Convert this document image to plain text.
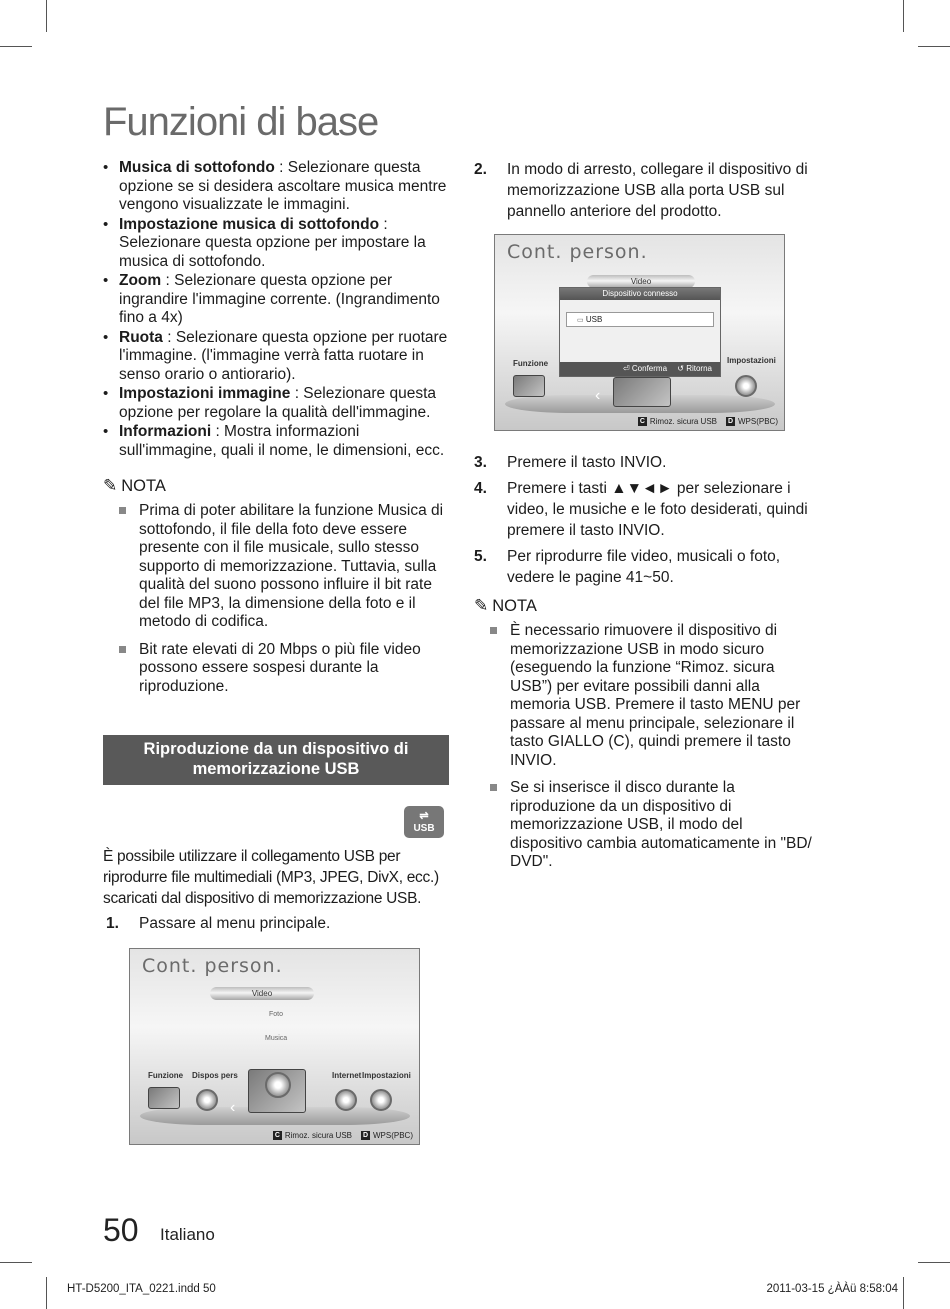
Funzioni di base
• Musica di sottofondo : Selezionare questa opzione se si desidera ascoltare musica mentre vengono visualizzate le immagini.
• Impostazione musica di sottofondo : Selezionare questa opzione per impostare la musica di sottofondo.
• Zoom : Selezionare questa opzione per ingrandire l'immagine corrente. (Ingrandimento fino a 4x)
• Ruota : Selezionare questa opzione per ruotare l'immagine. (l'immagine verrà fatta ruotare in senso orario o antiorario).
• Impostazioni immagine : Selezionare questa opzione per regolare la qualità dell'immagine.
• Informazioni : Mostra informazioni sull'immagine, quali il nome, le dimensioni, ecc.
✎ NOTA
Prima di poter abilitare la funzione Musica di sottofondo, il file della foto deve essere presente con il file musicale, sullo stesso supporto di memorizzazione. Tuttavia, sulla qualità del suono possono influire il bit rate del file MP3, la dimensione della foto e il metodo di codifica.
Bit rate elevati di 20 Mbps o più file video possono essere sospesi durante la riproduzione.
Riproduzione da un dispositivo di memorizzazione USB
⇌
USB
È possibile utilizzare il collegamento USB per riprodurre file multimediali (MP3, JPEG, DivX, ecc.) scaricati dal dispositivo di memorizzazione USB.
1. Passare al menu principale.
Cont. person.
Video
Foto
Musica
Funzione Dispos pers	Internet Impostazioni
‹
C Rimoz. sicura USB D WPS(PBC)
2. In modo di arresto, collegare il dispositivo di memorizzazione USB alla porta USB sul pannello anteriore del prodotto.
Cont. person.
Video
Dispositivo connesso
▭ USB
⏎ Conferma ↺ Ritorna
Funzione	Impostazioni
‹
C Rimoz. sicura USB D WPS(PBC)
3. Premere il tasto INVIO.
4. Premere i tasti ▲▼◄► per selezionare i video, le musiche e le foto desiderati, quindi premere il tasto INVIO.
5. Per riprodurre file video, musicali o foto, vedere le pagine 41~50.
✎ NOTA
È necessario rimuovere il dispositivo di memorizzazione USB in modo sicuro (eseguendo la funzione “Rimoz. sicura USB”) per evitare possibili danni alla memoria USB. Premere il tasto MENU per passare al menu principale, selezionare il tasto GIALLO (C), quindi premere il tasto INVIO.
Se si inserisce il disco durante la riproduzione da un dispositivo di memorizzazione USB, il modo del dispositivo cambia automaticamente in "BD/ DVD".
50 Italiano
HT-D5200_ITA_0221.indd 50	2011-03-15 ¿ÀÀü 8:58:04
